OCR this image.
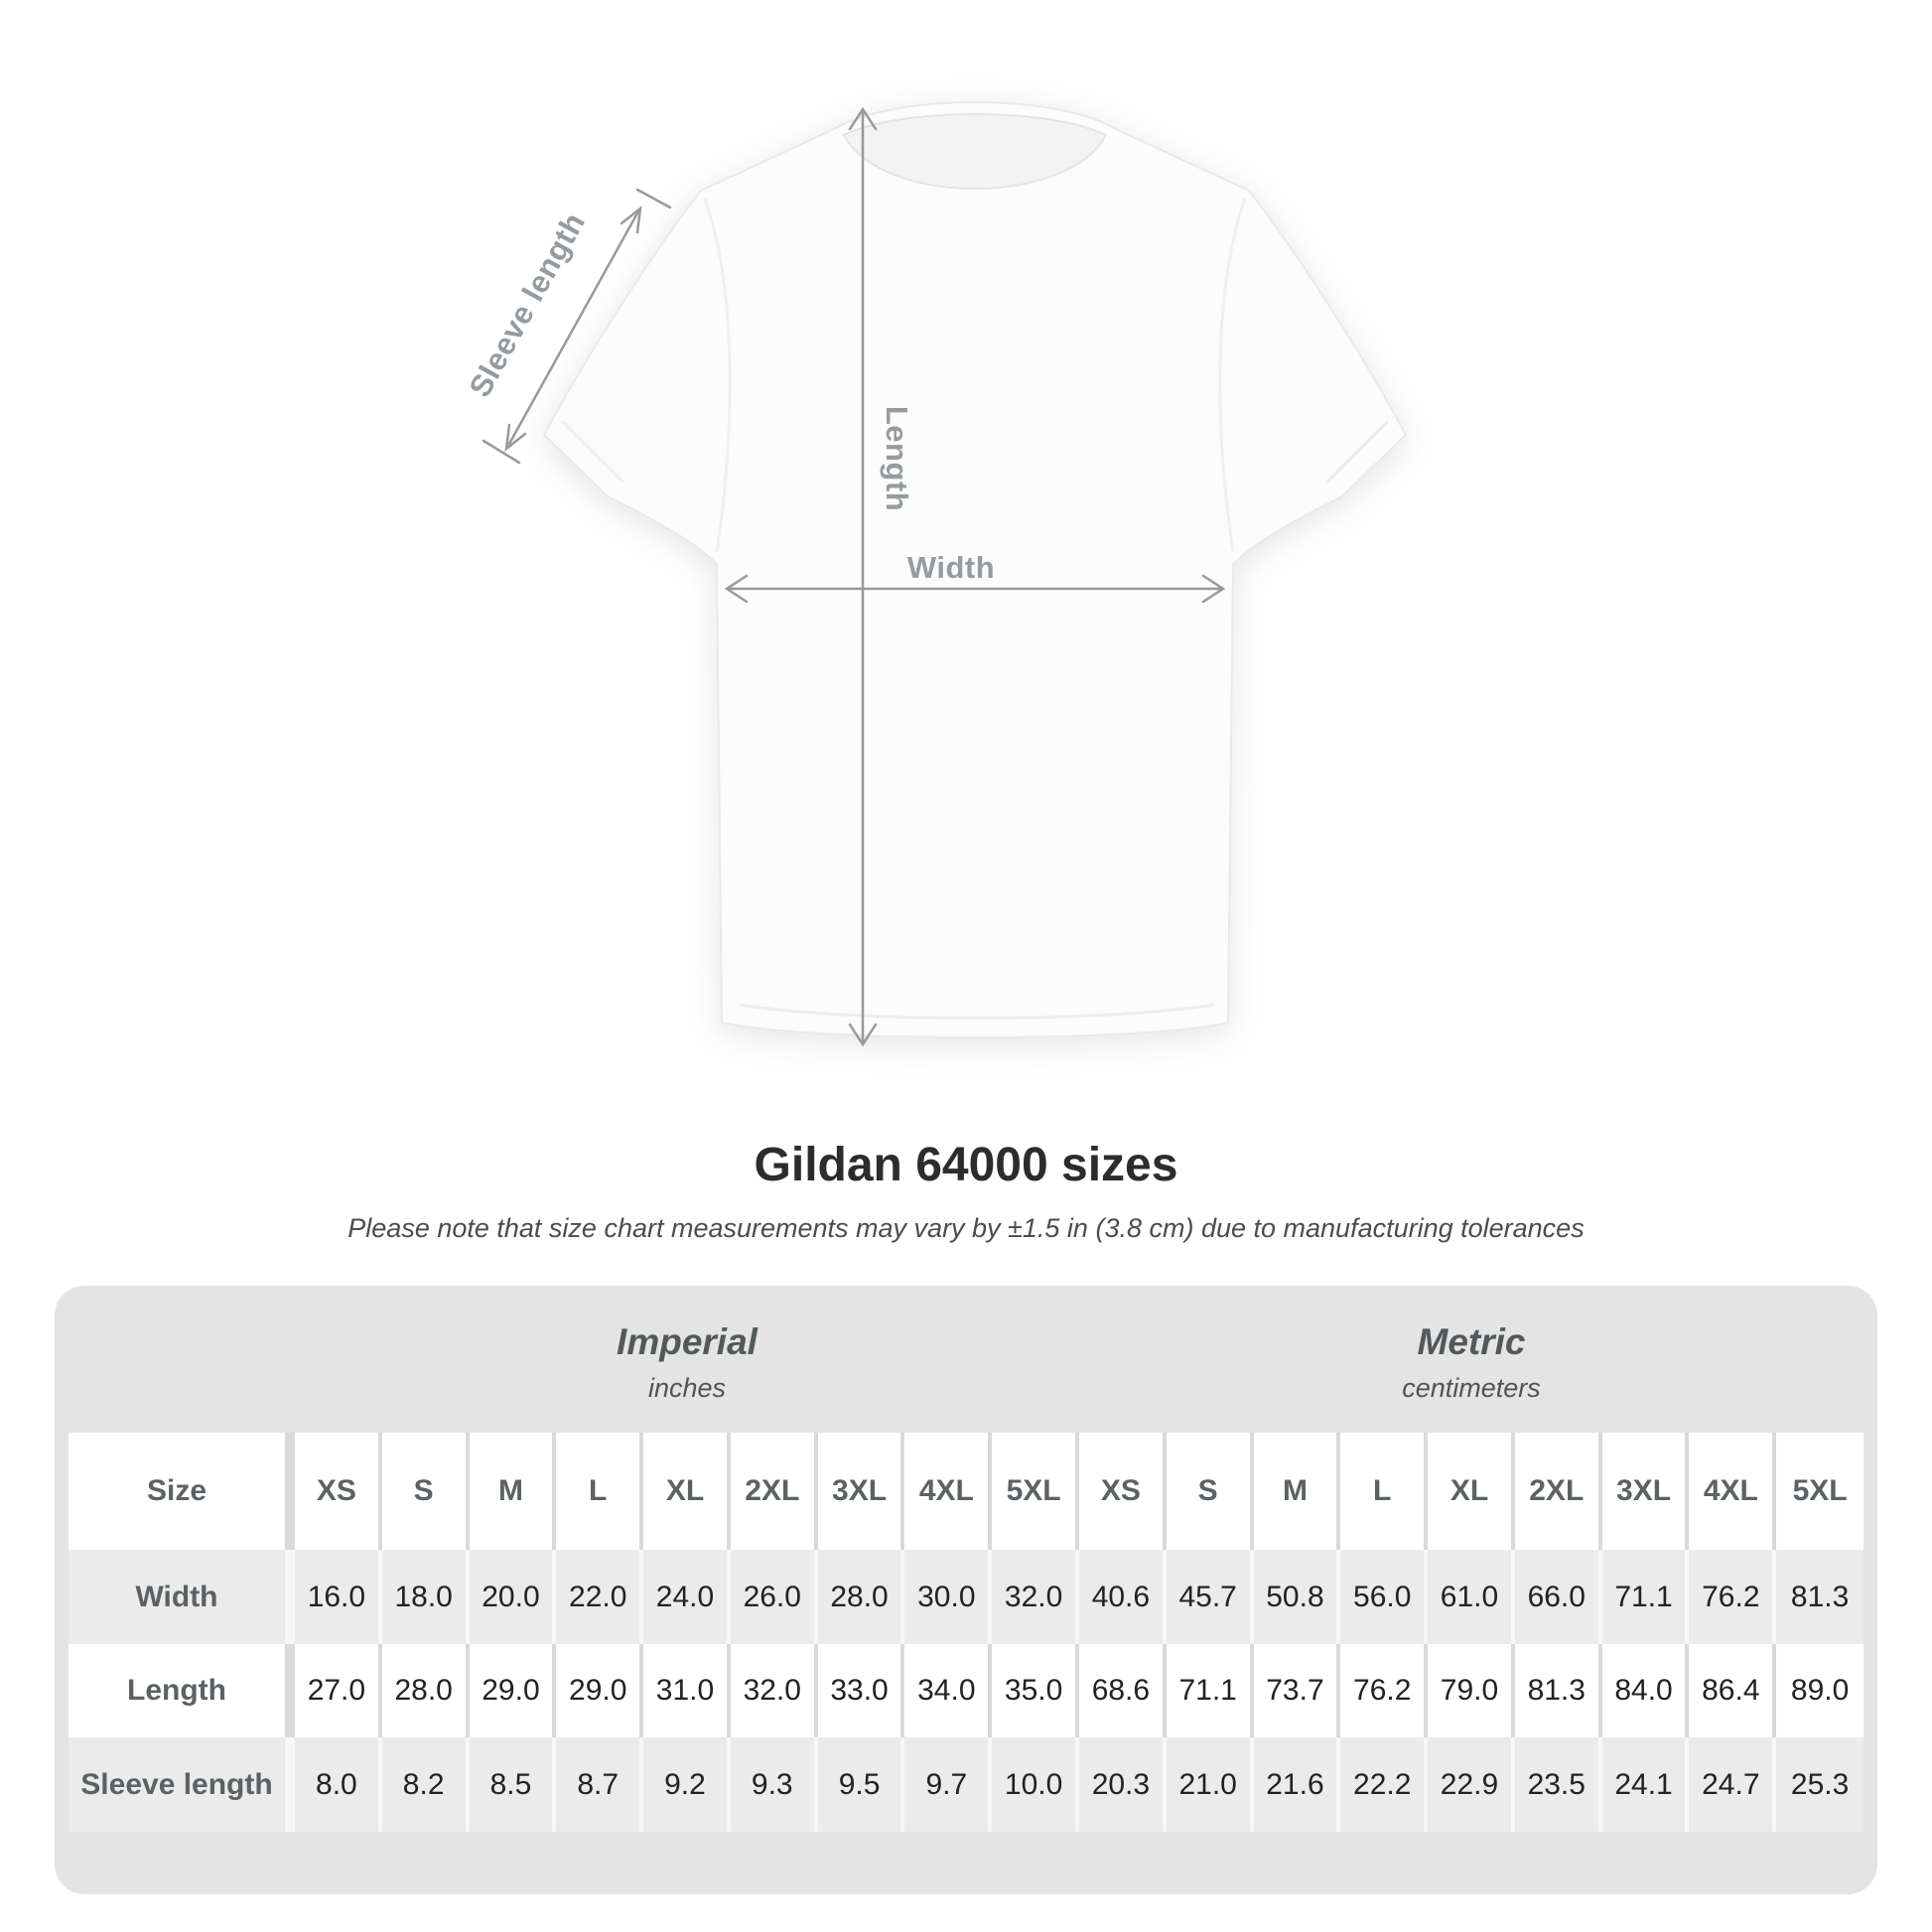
Sleeve length
Length
Width
Gildan 64000 sizes
Please note that size chart measurements may vary by ±1.5 in (3.8 cm) due to manufacturing tolerances
Imperial
inches
Metric
centimeters
Size	XS	S	M	L	XL	2XL	3XL	4XL	5XL	XS	S	M	L	XL	2XL	3XL	4XL	5XL
Width	16.0 18.0 20.0 22.0 24.0 26.0 28.0 30.0 32.0 40.6 45.7 50.8 56.0 61.0 66.0 71.1 76.2	81.3
Length	27.0 28.0 29.0 29.0 31.0 32.0 33.0 34.0 35.0 68.6 71.1 73.7 76.2 79.0 81.3 84.0 86.4	89.0
Sleeve length	8.0	8.2	8.5	8.7	9.2	9.3	9.5	9.7	10.0 20.3 21.0 21.6 22.2 22.9 23.5 24.1 24.7	25.3
